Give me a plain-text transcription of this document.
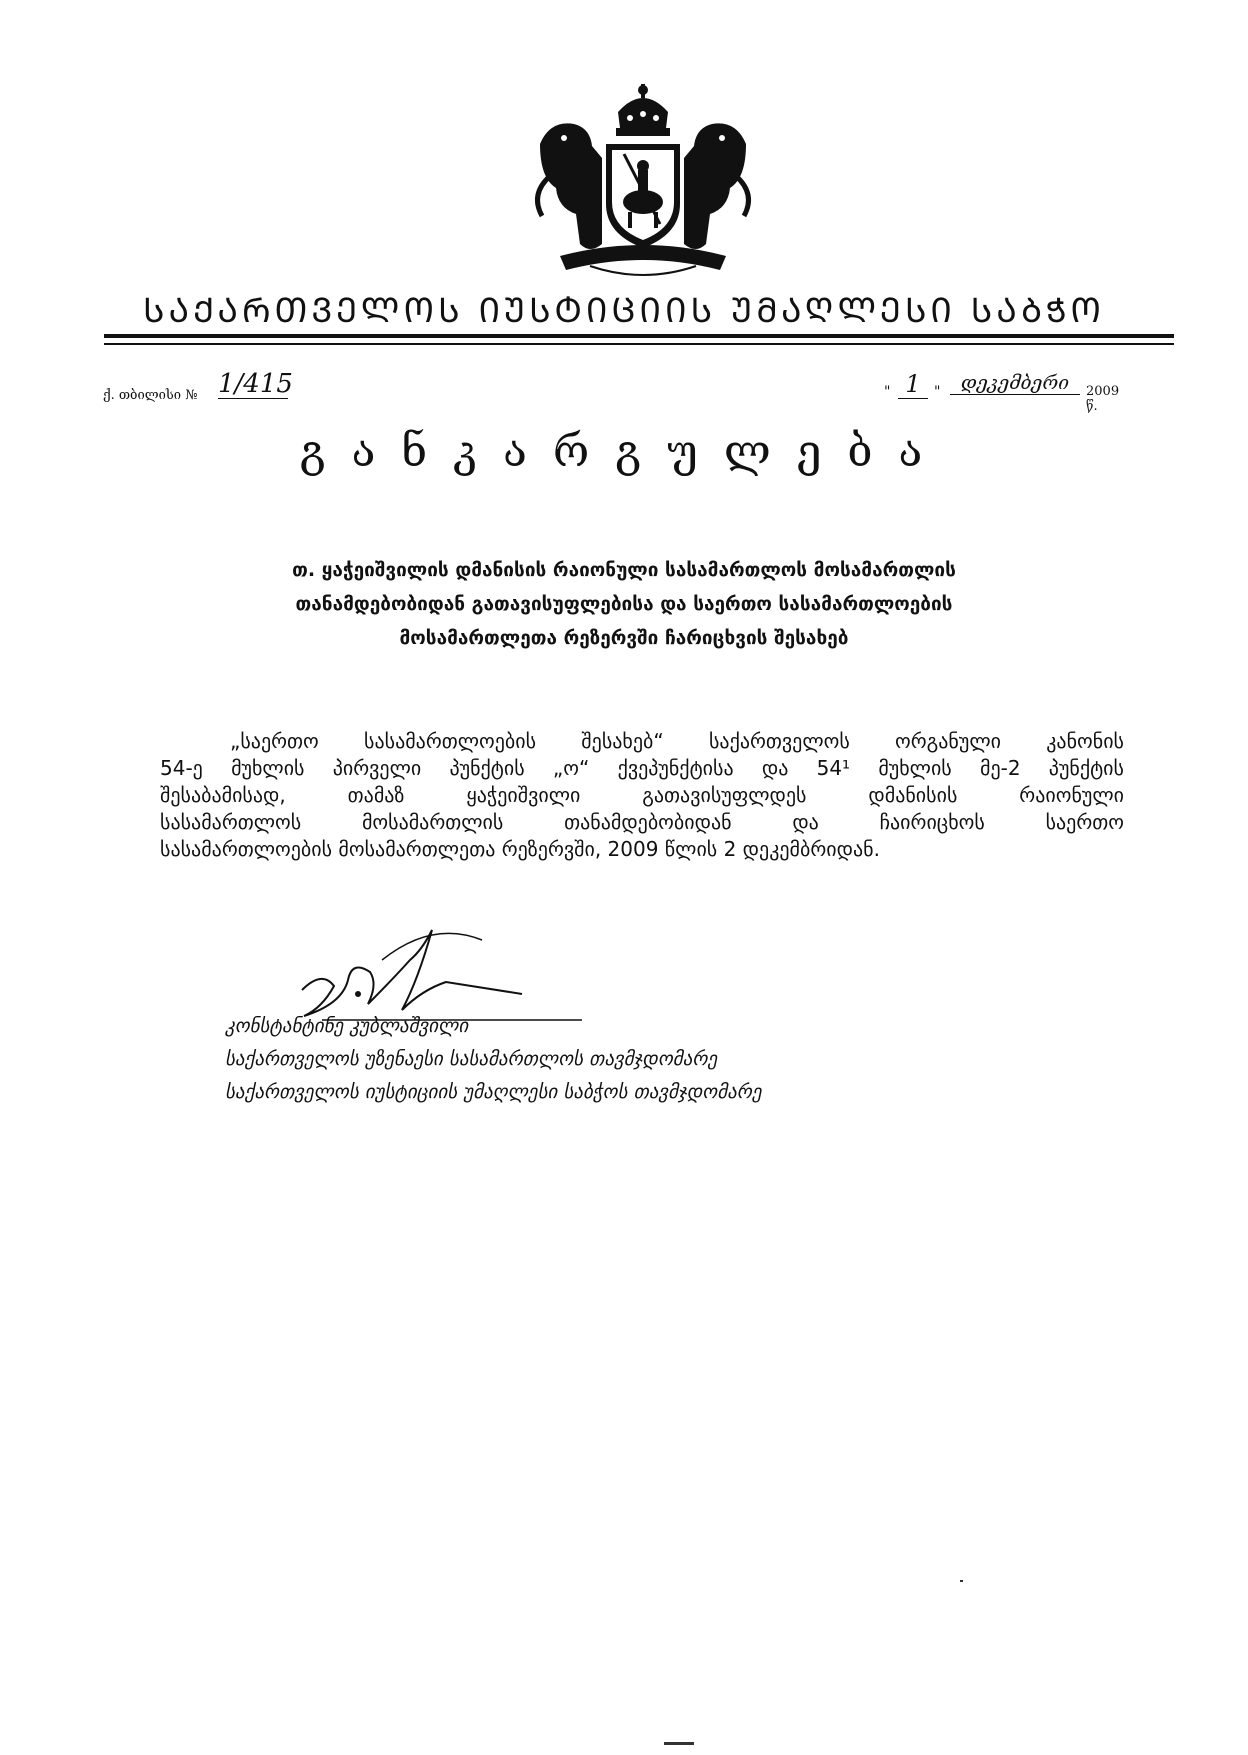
ᲡᲐᲥᲐᲠᲗᲕᲔᲚᲝᲡ ᲘᲣᲡᲢᲘᲪᲘᲘᲡ ᲣᲛᲐᲦᲚᲔᲡᲘ ᲡᲐᲑᲭᲝ
ქ. თბილისი № 1/415	" 1 "	დეკემბერი	2009 წ.
განკარგულება
თ. ყაჭეიშვილის დმანისის რაიონული სასამართლოს მოსამართლის
თანამდებობიდან გათავისუფლებისა და საერთო სასამართლოების
მოსამართლეთა რეზერვში ჩარიცხვის შესახებ
„საერთო სასამართლოების შესახებ“ საქართველოს ორგანული კანონის
54-ე მუხლის პირველი პუნქტის „ო“ ქვეპუნქტისა და 54¹ მუხლის მე-2 პუნქტის
შესაბამისად, თამაზ ყაჭეიშვილი გათავისუფლდეს დმანისის რაიონული
სასამართლოს მოსამართლის თანამდებობიდან და ჩაირიცხოს საერთო
სასამართლოების მოსამართლეთა რეზერვში, 2009 წლის 2 დეკემბრიდან.
კონსტანტინე კუბლაშვილი
საქართველოს უზენაესი სასამართლოს თავმჯდომარე
საქართველოს იუსტიციის უმაღლესი საბჭოს თავმჯდომარე
